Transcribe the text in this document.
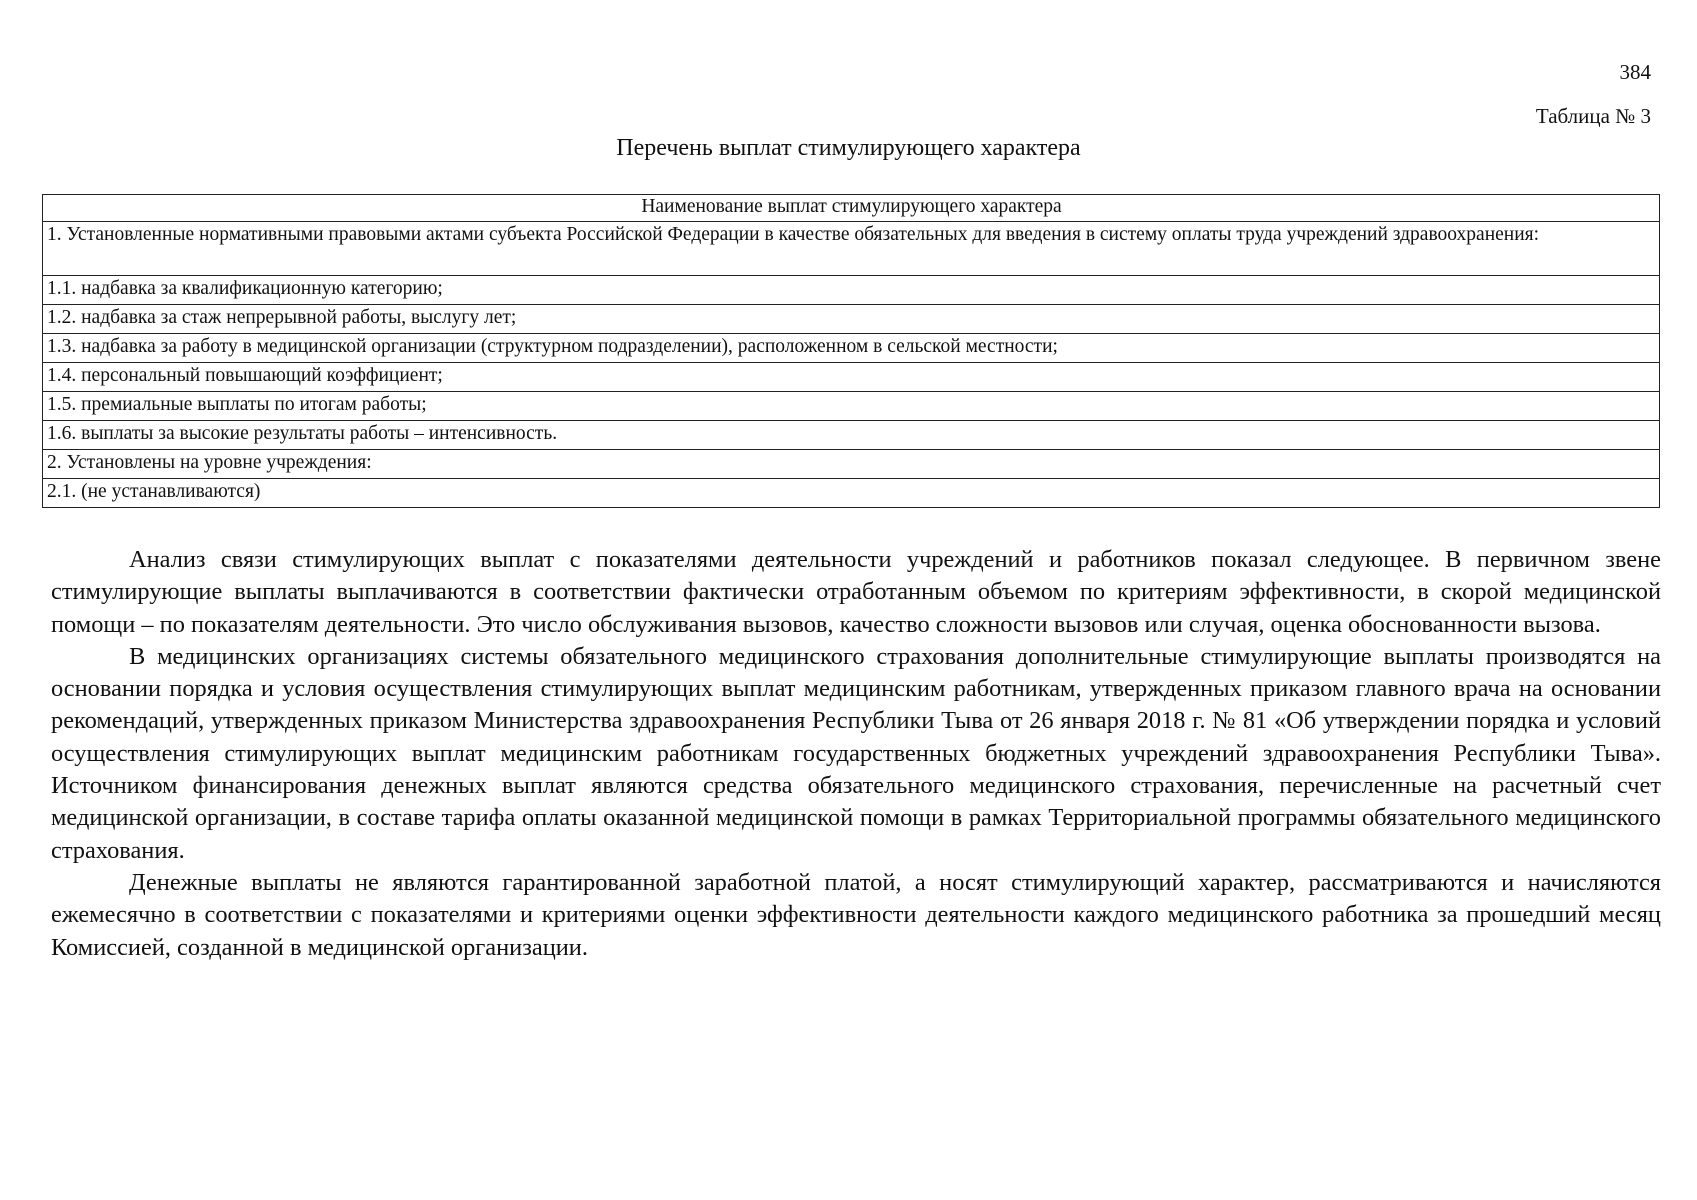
384
Таблица № 3
Перечень выплат стимулирующего характера
Наименование выплат стимулирующего характера
1. Установленные нормативными правовыми актами субъекта Российской Федерации в качестве обязательных для введения в систему оплаты труда учреждений здравоохранения:
1.1. надбавка за квалификационную категорию;
1.2. надбавка за стаж непрерывной работы, выслугу лет;
1.3. надбавка за работу в медицинской организации (структурном подразделении), расположенном в сельской местности;
1.4. персональный повышающий коэффициент;
1.5. премиальные выплаты по итогам работы;
1.6. выплаты за высокие результаты работы – интенсивность.
2. Установлены на уровне учреждения:
2.1. (не устанавливаются)

Анализ связи стимулирующих выплат с показателями деятельности учреждений и работников показал следующее. В первичном звене стимулирующие выплаты выплачиваются в соответствии фактически отработанным объемом по критериям эффективности, в скорой медицинской помощи – по показателям деятельности. Это число обслуживания вызовов, качество сложности вызовов или случая, оценка обоснованности вызова.

В медицинских организациях системы обязательного медицинского страхования дополнительные стимулирующие выплаты производятся на основании порядка и условия осуществления стимулирующих выплат медицинским работникам, утвержденных приказом главного врача на основании рекомендаций, утвержденных приказом Министерства здравоохранения Республики Тыва от 26 января 2018 г. № 81 «Об утверждении порядка и условий осуществления стимулирующих выплат медицинским работникам государственных бюджетных учреждений здравоохранения Республики Тыва». Источником финансирования денежных выплат являются средства обязательного медицинского страхования, перечисленные на расчетный счет медицинской организации, в составе тарифа оплаты оказанной медицинской помощи в рамках Территориальной программы обязательного медицинского страхования.

Денежные выплаты не являются гарантированной заработной платой, а носят стимулирующий характер, рассматриваются и начисляются ежемесячно в соответствии с показателями и критериями оценки эффективности деятельности каждого медицинского работника за прошедший месяц Комиссией, созданной в медицинской организации.
